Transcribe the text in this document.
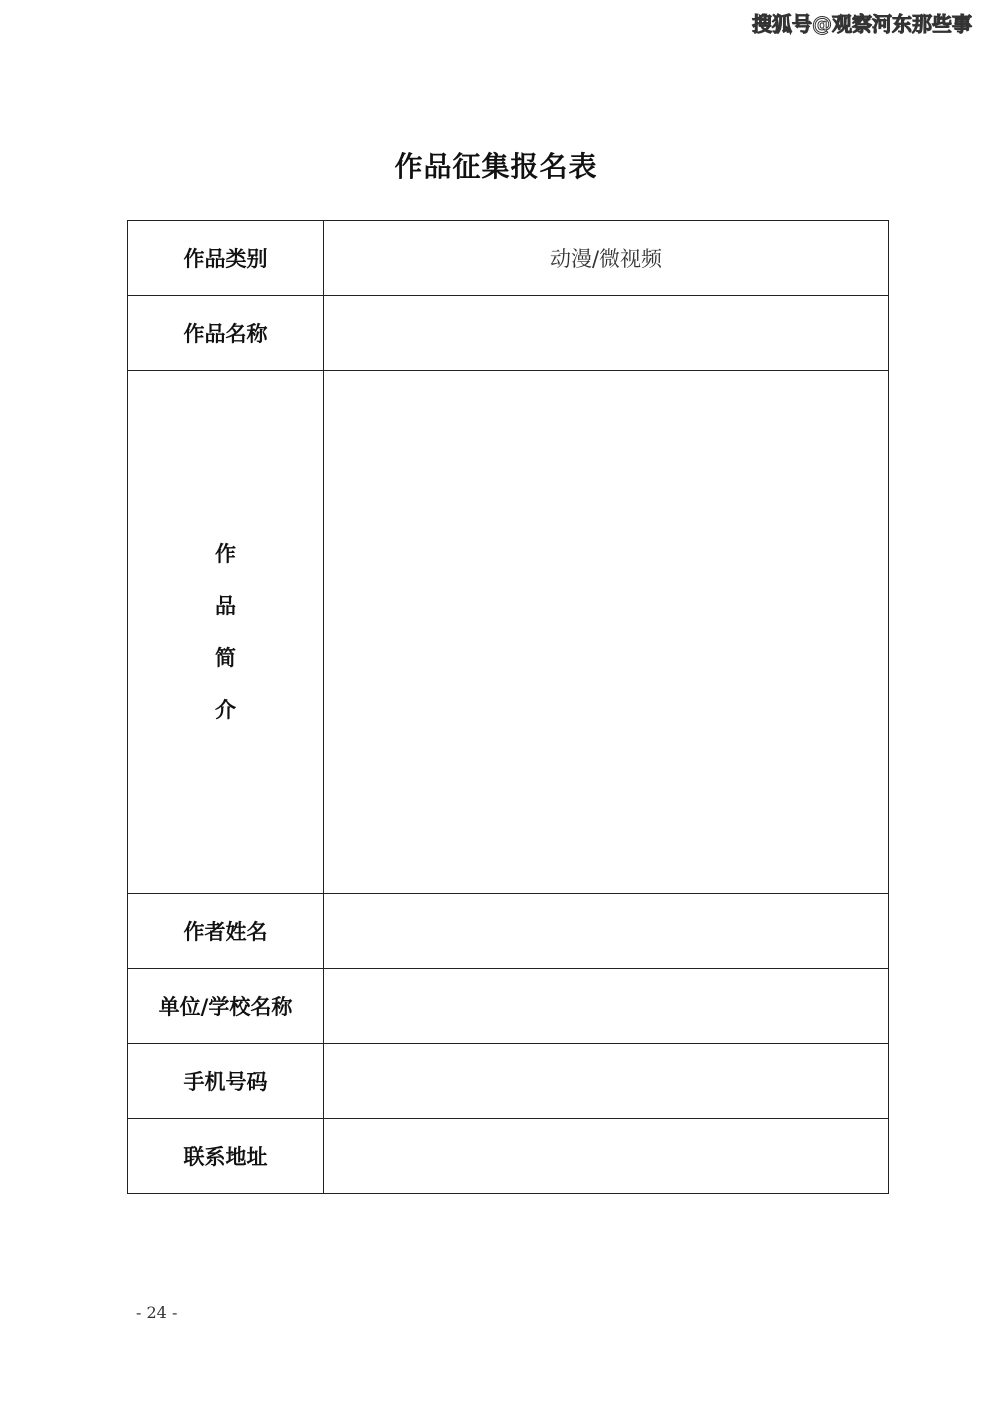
搜狐号@观察河东那些事
作品征集报名表
作品类别	动漫/微视频
作品名称	

作
品
简
介	

作者姓名	
单位/学校名称	
手机号码	
联系地址	
- 24 -
